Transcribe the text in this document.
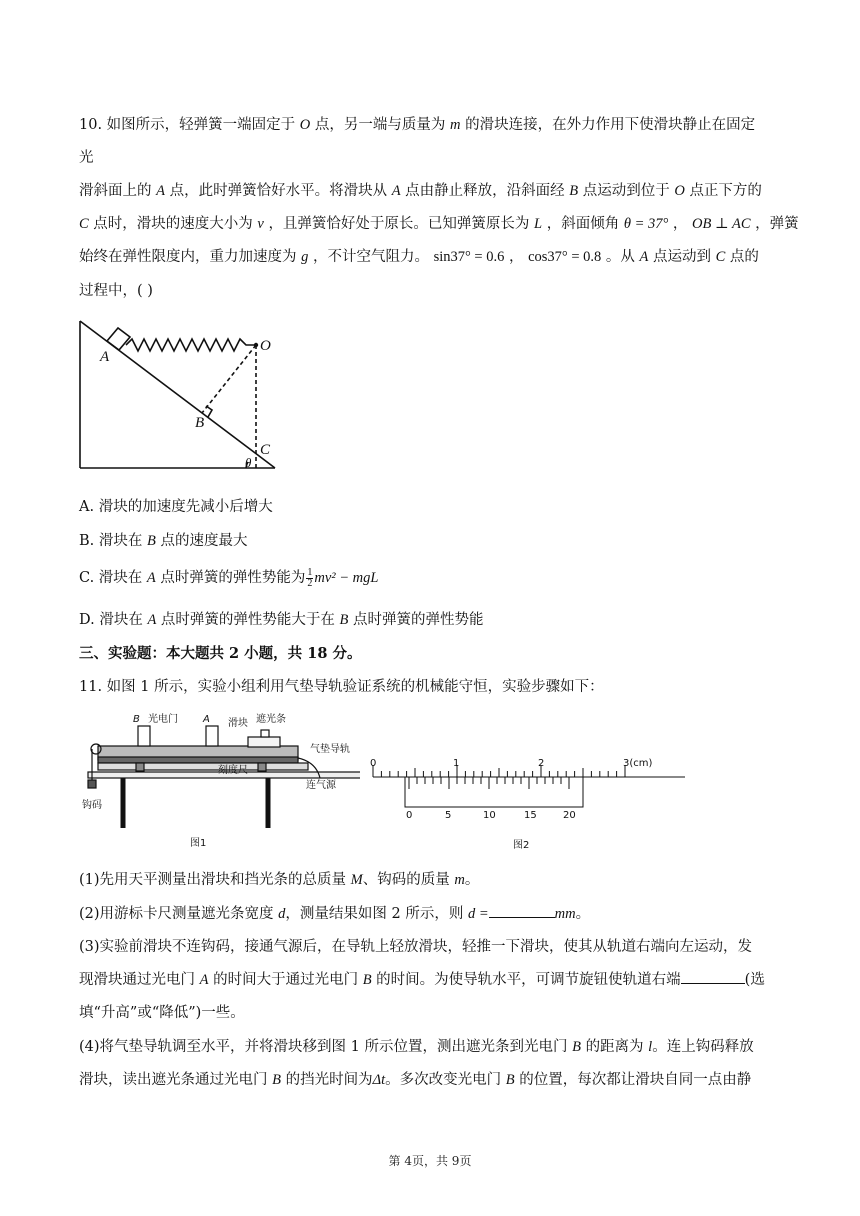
10. 如图所示，轻弹簧一端固定于 O 点，另一端与质量为 m 的滑块连接，在外力作用下使滑块静止在固定
光
滑斜面上的 A 点，此时弹簧恰好水平。将滑块从 A 点由静止释放，沿斜面经 B 点运动到位于 O 点正下方的
C 点时，滑块的速度大小为 v ，且弹簧恰好处于原长。已知弹簧原长为 L ，斜面倾角 θ = 37° ， OB ⊥ AC ，弹簧
始终在弹性限度内，重力加速度为 g ，不计空气阻力。 sin37° = 0.6 ， cos37° = 0.8 。从 A 点运动到 C 点的
过程中，( )
A
O
B
C
θ
A. 滑块的加速度先减小后增大
B. 滑块在 B 点的速度最大
C. 滑块在 A 点时弹簧的弹性势能为 $\frac{1}{2} mv^2$ − mgL
D. 滑块在 A 点时弹簧的弹性势能大于在 B 点时弹簧的弹性势能
三、实验题：本大题共 2 小题，共 18 分。
11. 如图 1 所示，实验小组利用气垫导轨验证系统的机械能守恒，实验步骤如下：
B 光电门	A 滑块 遮光条
气垫导轨
刻度尺
连气源
钩码
图1
0	1	2	3(cm)
0	5	10	15	20
图2
(1)先用天平测量出滑块和挡光条的总质量 M、钩码的质量 m。
(2)用游标卡尺测量遮光条宽度 d，测量结果如图 2 所示，则 d =	mm。
(3)实验前滑块不连钩码，接通气源后，在导轨上轻放滑块，轻推一下滑块，使其从轨道右端向左运动，发
现滑块通过光电门 A 的时间大于通过光电门 B 的时间。为使导轨水平，可调节旋钮使轨道右端	(选
填“升高”或“降低”)一些。
(4)将气垫导轨调至水平，并将滑块移到图 1 所示位置，测出遮光条到光电门 B 的距离为 l。连上钩码释放
滑块，读出遮光条通过光电门 B 的挡光时间为Δt。多次改变光电门 B 的位置，每次都让滑块自同一点由静
第 4页，共 9页
